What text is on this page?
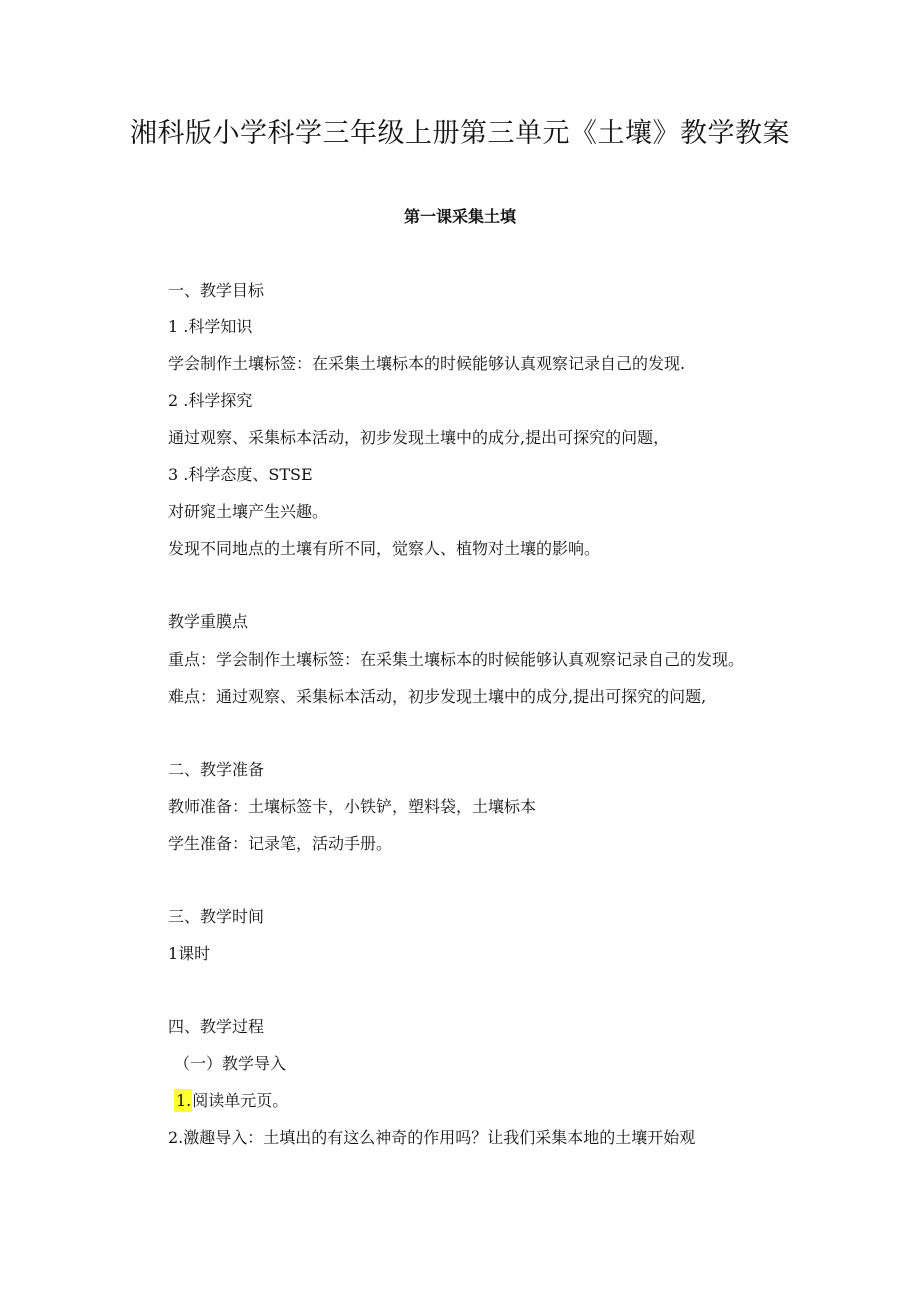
湘科版小学科学三年级上册第三单元《土壤》教学教案
第一课采集土填
一、教学目标
1 .科学知识
学会制作土壤标签：在采集土壤标本的时候能够认真观察记录自己的发现.
2 .科学探究
通过观察、采集标本活动，初步发现土壤中的成分,提出可探究的问题，
3 .科学态度、STSE
对研窕土壤产生兴趣。
发现不同地点的土壤有所不同，觉察人、植物对土壤的影响。
教学重膜点
重点：学会制作土壤标签：在采集土壤标本的时候能够认真观察记录自己的发现。
难点：通过观察、采集标本活动，初步发现土壤中的成分,提出可探究的问题,
二、教学准备
教师准备：土壤标签卡，小铁铲，塑料袋，土壤标本
学生准备：记录笔，活动手册。
三、教学时间
1课时
四、教学过程
（一）教学导入
1.阅读单元页。
2.激趣导入：土填出的有这么神奇的作用吗？让我们采集本地的土壤开始观
